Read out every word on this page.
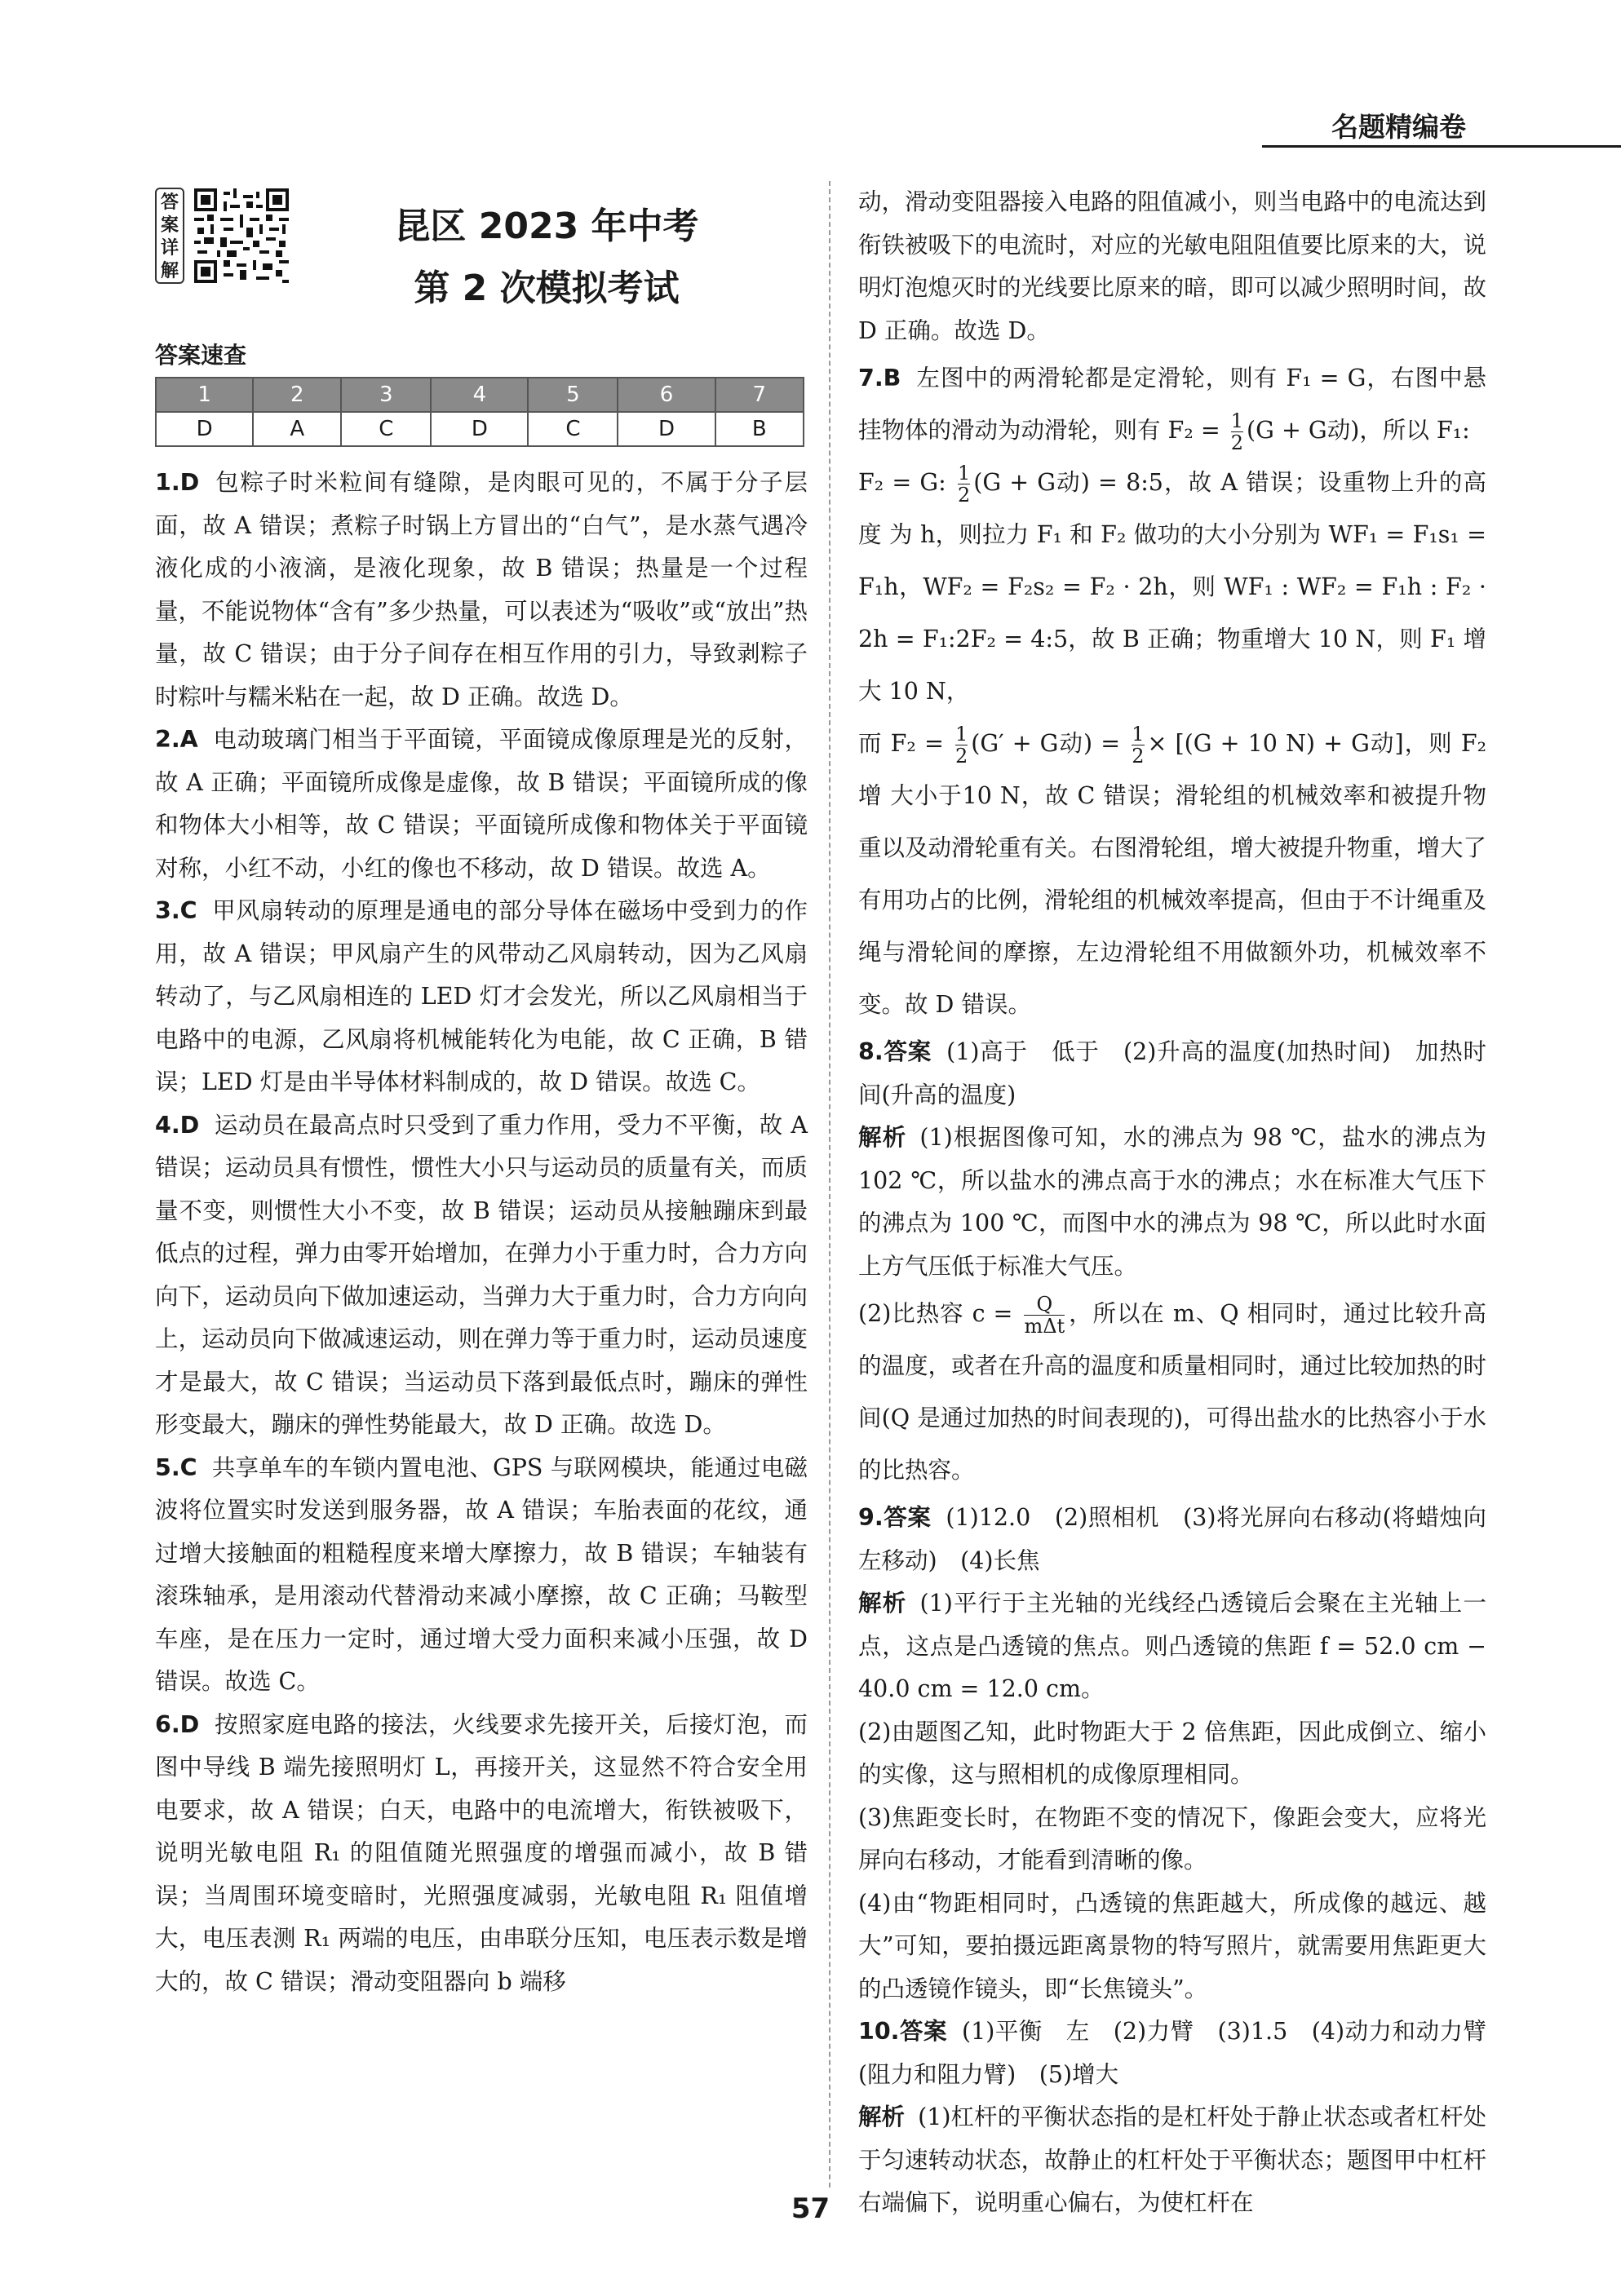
名题精编卷
答案详解
昆区 2023 年中考
第 2 次模拟考试
答案速查
1	2	3	4	5	6	7
D	A	C	D	C	D	B
1.D 包粽子时米粒间有缝隙，是肉眼可见的，不属于分子层面，故 A 错误；煮粽子时锅上方冒出的“白气”，是水蒸气遇冷液化成的小液滴，是液化现象，故 B 错误；热量是一个过程量，不能说物体“含有”多少热量，可以表述为“吸收”或“放出”热量，故 C 错误；由于分子间存在相互作用的引力，导致剥粽子时粽叶与糯米粘在一起，故 D 正确。故选 D。
2.A 电动玻璃门相当于平面镜，平面镜成像原理是光的反射，故 A 正确；平面镜所成像是虚像，故 B 错误；平面镜所成的像和物体大小相等，故 C 错误；平面镜所成像和物体关于平面镜对称，小红不动，小红的像也不移动，故 D 错误。故选 A。
3.C 甲风扇转动的原理是通电的部分导体在磁场中受到力的作用，故 A 错误；甲风扇产生的风带动乙风扇转动，因为乙风扇转动了，与乙风扇相连的 LED 灯才会发光，所以乙风扇相当于电路中的电源，乙风扇将机械能转化为电能，故 C 正确，B 错误；LED 灯是由半导体材料制成的，故 D 错误。故选 C。
4.D 运动员在最高点时只受到了重力作用，受力不平衡，故 A 错误；运动员具有惯性，惯性大小只与运动员的质量有关，而质量不变，则惯性大小不变，故 B 错误；运动员从接触蹦床到最低点的过程，弹力由零开始增加，在弹力小于重力时，合力方向向下，运动员向下做加速运动，当弹力大于重力时，合力方向向上，运动员向下做减速运动，则在弹力等于重力时，运动员速度才是最大，故 C 错误；当运动员下落到最低点时，蹦床的弹性形变最大，蹦床的弹性势能最大，故 D 正确。故选 D。
5.C 共享单车的车锁内置电池、GPS 与联网模块，能通过电磁波将位置实时发送到服务器，故 A 错误；车胎表面的花纹，通过增大接触面的粗糙程度来增大摩擦力，故 B 错误；车轴装有滚珠轴承，是用滚动代替滑动来减小摩擦，故 C 正确；马鞍型车座，是在压力一定时，通过增大受力面积来减小压强，故 D 错误。故选 C。
6.D 按照家庭电路的接法，火线要求先接开关，后接灯泡，而图中导线 B 端先接照明灯 L，再接开关，这显然不符合安全用电要求，故 A 错误；白天，电路中的电流增大，衔铁被吸下，说明光敏电阻 R₁ 的阻值随光照强度的增强而减小，故 B 错误；当周围环境变暗时，光照强度减弱，光敏电阻 R₁ 阻值增大，电压表测 R₁ 两端的电压，由串联分压知，电压表示数是增大的，故 C 错误；滑动变阻器向 b 端移
动，滑动变阻器接入电路的阻值减小，则当电路中的电流达到衔铁被吸下的电流时，对应的光敏电阻阻值要比原来的大，说明灯泡熄灭时的光线要比原来的暗，即可以减少照明时间，故 D 正确。故选 D。
7.B 左图中的两滑轮都是定滑轮，则有 F₁ = G，右图中悬挂物体的滑动为动滑轮，则有 $F_2 = \frac{1}{2} (G + G$动)，所以 F₁:
F₂ = G: $\frac{1}{2} (G + G$动) = 8:5，故 A 错误；设重物上升的高度 为 h，则拉力 F₁ 和 F₂ 做功的大小分别为 WF₁ = F₁s₁ = F₁h，WF₂ = F₂s₂ = F₂ · 2h，则 WF₁ : WF₂ = F₁h : F₂ · 2h = F₁:2F₂ = 4:5，故 B 正确；物重增大 10 N，则 F₁ 增大 10 N，
而 $F_2 = \frac{1}{2} (G' + G$动) = $\frac{1}{2} \times [(G + 10$ N) + G动]，则 F₂ 增 大小于10 N，故 C 错误；滑轮组的机械效率和被提升物重以及动滑轮重有关。右图滑轮组，增大被提升物重，增大了有用功占的比例，滑轮组的机械效率提高，但由于不计绳重及绳与滑轮间的摩擦，左边滑轮组不用做额外功，机械效率不变。故 D 错误。
8.答案 (1)高于　低于　(2)升高的温度(加热时间)　加热时间(升高的温度)

解析 (1)根据图像可知，水的沸点为 98 ℃，盐水的沸点为 102 ℃，所以盐水的沸点高于水的沸点；水在标准大气压下的沸点为 100 ℃，而图中水的沸点为 98 ℃，所以此时水面上方气压低于标准大气压。

(2)比热容 $c = \frac{Q}{\text{mΔt}}$ ，所以在 m、Q 相同时，通过比较升高的温度，或者在升高的温度和质量相同时，通过比较加热的时间(Q 是通过加热的时间表现的)，可得出盐水的比热容小于水的比热容。

9.答案 (1)12.0　(2)照相机　(3)将光屏向右移动(将蜡烛向左移动)　(4)长焦

解析 (1)平行于主光轴的光线经凸透镜后会聚在主光轴上一点，这点是凸透镜的焦点。则凸透镜的焦距 f = 52.0 cm − 40.0 cm = 12.0 cm。

(2)由题图乙知，此时物距大于 2 倍焦距，因此成倒立、缩小的实像，这与照相机的成像原理相同。

(3)焦距变长时，在物距不变的情况下，像距会变大，应将光屏向右移动，才能看到清晰的像。

(4)由“物距相同时，凸透镜的焦距越大，所成像的越远、越大”可知，要拍摄远距离景物的特写照片，就需要用焦距更大的凸透镜作镜头，即“长焦镜头”。

10.答案 (1)平衡　左　(2)力臂　(3)1.5　(4)动力和动力臂(阻力和阻力臂)　(5)增大

解析 (1)杠杆的平衡状态指的是杠杆处于静止状态或者杠杆处于匀速转动状态，故静止的杠杆处于平衡状态；题图甲中杠杆右端偏下，说明重心偏右，为使杠杆在

57
